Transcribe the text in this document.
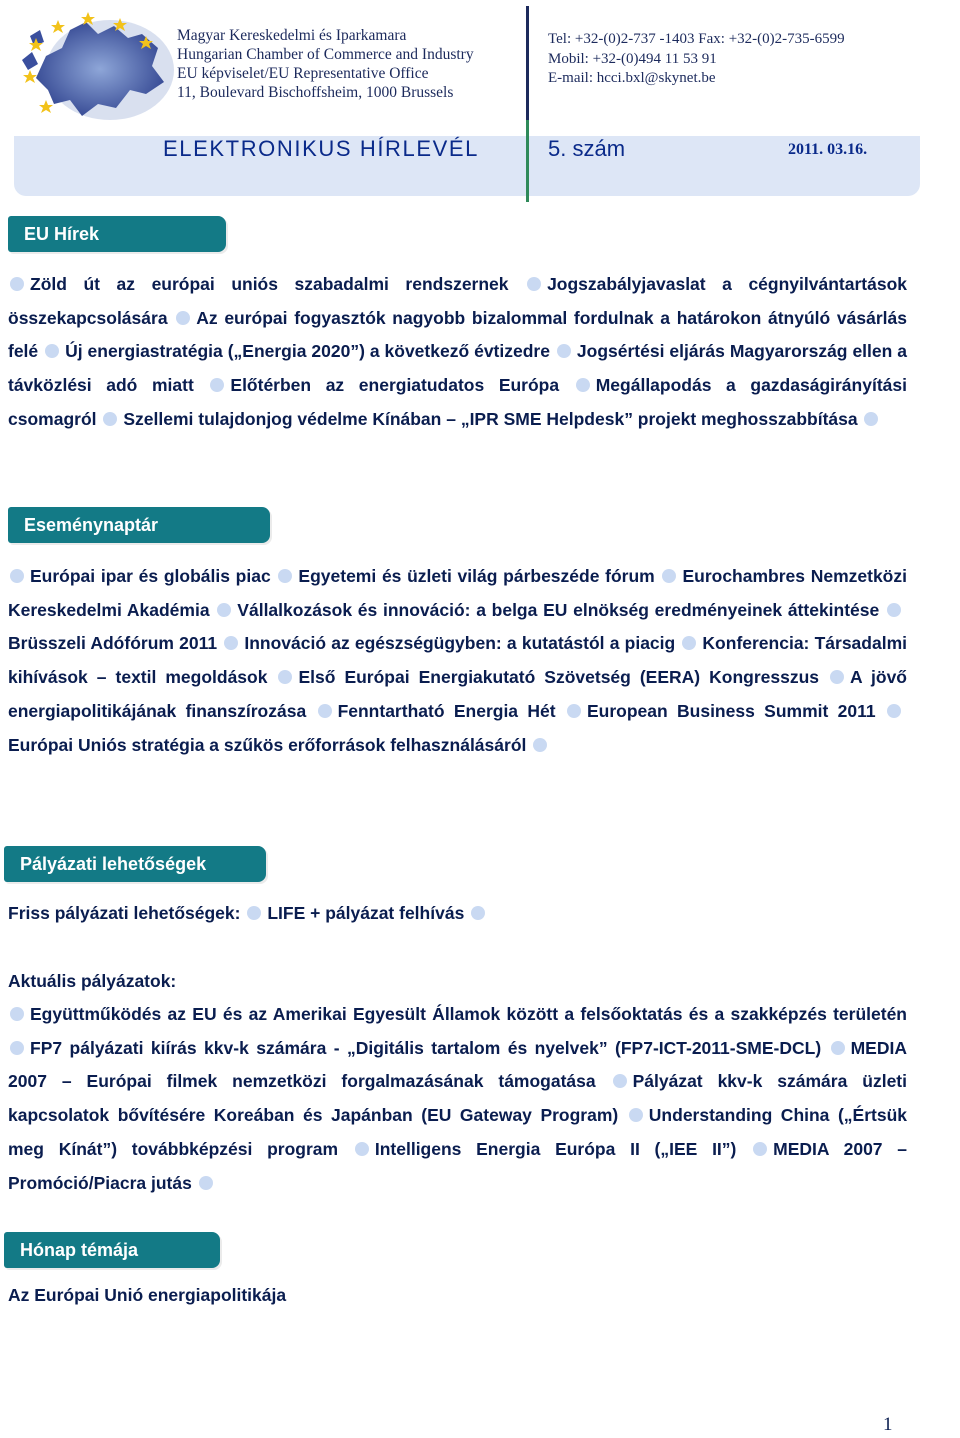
Magyar Kereskedelmi és Iparkamara
Hungarian Chamber of Commerce and Industry
EU képviselet/EU Representative Office
11, Boulevard Bischoffsheim, 1000 Brussels
Tel: +32-(0)2-737 -1403 Fax: +32-(0)2-735-6599
Mobil: +32-(0)494 11 53 91
E-mail: hcci.bxl@skynet.be
ELEKTRONIKUS HÍRLEVÉL	5. szám	2011. 03.16.
EU Hírek
Zöld út az európai uniós szabadalmi rendszernek Jogszabályjavaslat a cégnyilvántartások összekapcsolására Az európai fogyasztók nagyobb bizalommal fordulnak a határokon átnyúló vásárlás felé Új energiastratégia („Energia 2020”) a következő évtizedre Jogsértési eljárás Magyarország ellen a távközlési adó miatt Előtérben az energiatudatos Európa Megállapodás a gazdaságirányítási csomagról Szellemi tulajdonjog védelme Kínában – „IPR SME Helpdesk” projekt meghosszabbítása
Eseménynaptár
Európai ipar és globális piac Egyetemi és üzleti világ párbeszéde fórum Eurochambres Nemzetközi Kereskedelmi Akadémia Vállalkozások és innováció: a belga EU elnökség eredményeinek áttekintése Brüsszeli Adófórum 2011 Innováció az egészségügyben: a kutatástól a piacig Konferencia: Társadalmi kihívások – textil megoldások Első Európai Energiakutató Szövetség (EERA) Kongresszus A jövő energiapolitikájának finanszírozása Fenntartható Energia Hét European Business Summit 2011 Európai Uniós stratégia a szűkös erőforrások felhasználásáról
Pályázati lehetőségek
Friss pályázati lehetőségek: LIFE + pályázat felhívás
Aktuális pályázatok:
Együttműködés az EU és az Amerikai Egyesült Államok között a felsőoktatás és a szakképzés területén FP7 pályázati kiírás kkv-k számára - „Digitális tartalom és nyelvek” (FP7-ICT-2011-SME-DCL) MEDIA 2007 – Európai filmek nemzetközi forgalmazásának támogatása Pályázat kkv-k számára üzleti kapcsolatok bővítésére Koreában és Japánban (EU Gateway Program) Understanding China („Értsük meg Kínát”) továbbképzési program Intelligens Energia Európa II („IEE II”) MEDIA 2007 – Promóció/Piacra jutás
Hónap témája
Az Európai Unió energiapolitikája
1
